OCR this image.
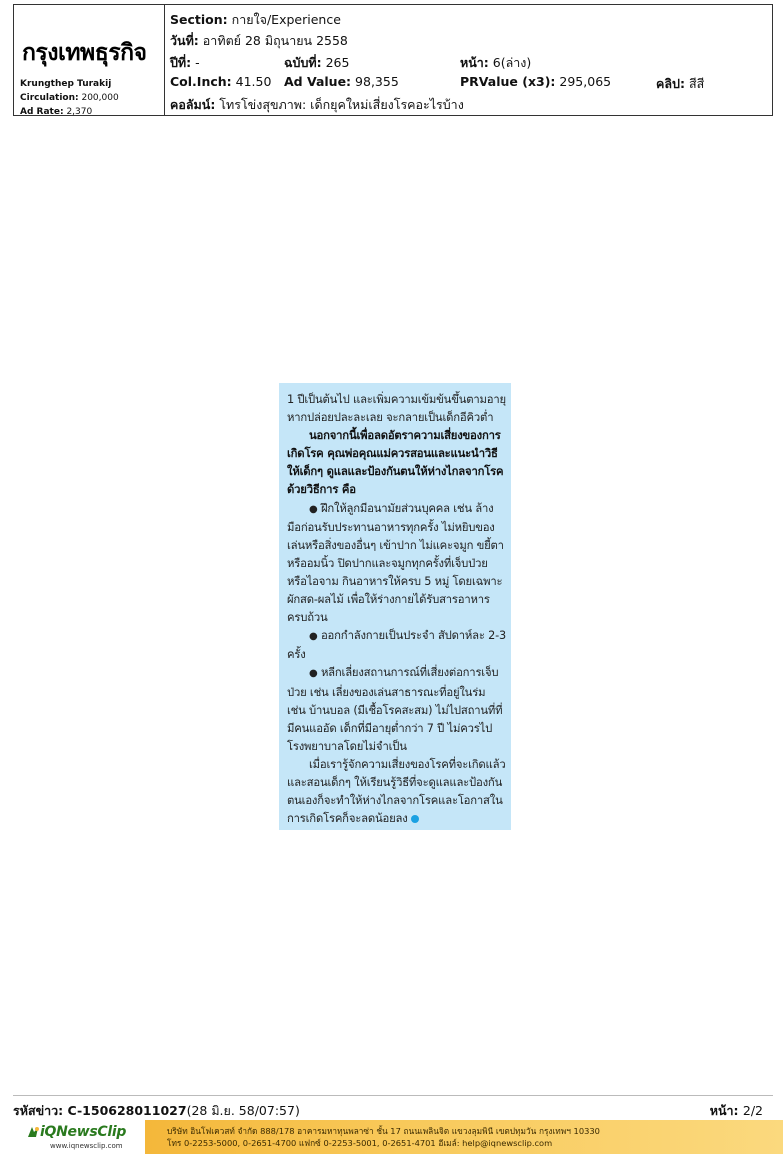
กรุงเทพธุรกิจ
Krungthep Turakij
Circulation: 200,000
Ad Rate: 2,370
Section: กายใจ/Experience
วันที่: อาทิตย์ 28 มิถุนายน 2558
ปีที่: -	ฉบับที่: 265	หน้า: 6(ล่าง)
Col.Inch: 41.50 Ad Value: 98,355	PRValue (x3): 295,065	คลิป: สีสี
คอลัมน์: โทรโข่งสุขภาพ: เด็กยุคใหม่เสี่ยงโรคอะไรบ้าง

1 ปีเป็นต้นไป และเพิ่มความเข้มข้นขึ้นตามอายุ หากปล่อยปละละเลย จะกลายเป็นเด็กอีคิวต่ำ

นอกจากนี้เพื่อลดอัตราความเสี่ยงของการเกิดโรค คุณพ่อคุณแม่ควรสอนและแนะนำวิธีให้เด็กๆ ดูแลและป้องกันตนให้ห่างไกลจากโรคด้วยวิธีการ คือ

● ฝึกให้ลูกมีอนามัยส่วนบุคคล เช่น ล้างมือก่อนรับประทานอาหารทุกครั้ง ไม่หยิบของเล่นหรือสิ่งของอื่นๆ เข้าปาก ไม่แคะจมูก ขยี้ตาหรืออมนิ้ว ปิดปากและจมูกทุกครั้งที่เจ็บป่วย หรือไอจาม กินอาหารให้ครบ 5 หมู่ โดยเฉพาะผักสด-ผลไม้ เพื่อให้ร่างกายได้รับสารอาหารครบถ้วน

● ออกกำลังกายเป็นประจำ สัปดาห์ละ 2-3 ครั้ง

● หลีกเลี่ยงสถานการณ์ที่เสี่ยงต่อการเจ็บป่วย เช่น เลี่ยงของเล่นสาธารณะที่อยู่ในร่ม เช่น บ้านบอล (มีเชื้อโรคสะสม) ไม่ไปสถานที่ที่มีคนแออัด เด็กที่มีอายุต่ำกว่า 7 ปี ไม่ควรไปโรงพยาบาลโดยไม่จำเป็น

เมื่อเรารู้จักความเสี่ยงของโรคที่จะเกิดแล้ว และสอนเด็กๆ ให้เรียนรู้วิธีที่จะดูแลและป้องกันตนเองก็จะทำให้ห่างไกลจากโรคและโอกาสในการเกิดโรคก็จะลดน้อยลง

รหัสข่าว: C-150628011027(28 มิ.ย. 58/07:57)	หน้า: 2/2
iQNewsClip
www.iqnewsclip.com
บริษัท อินโฟเควสท์ จำกัด 888/178 อาคารมหาทุนพลาซ่า ชั้น 17 ถนนเพลินจิต แขวงลุมพินี เขตปทุมวัน กรุงเทพฯ 10330
โทร 0-2253-5000, 0-2651-4700 แฟกซ์ 0-2253-5001, 0-2651-4701 อีเมล์: help@iqnewsclip.com
